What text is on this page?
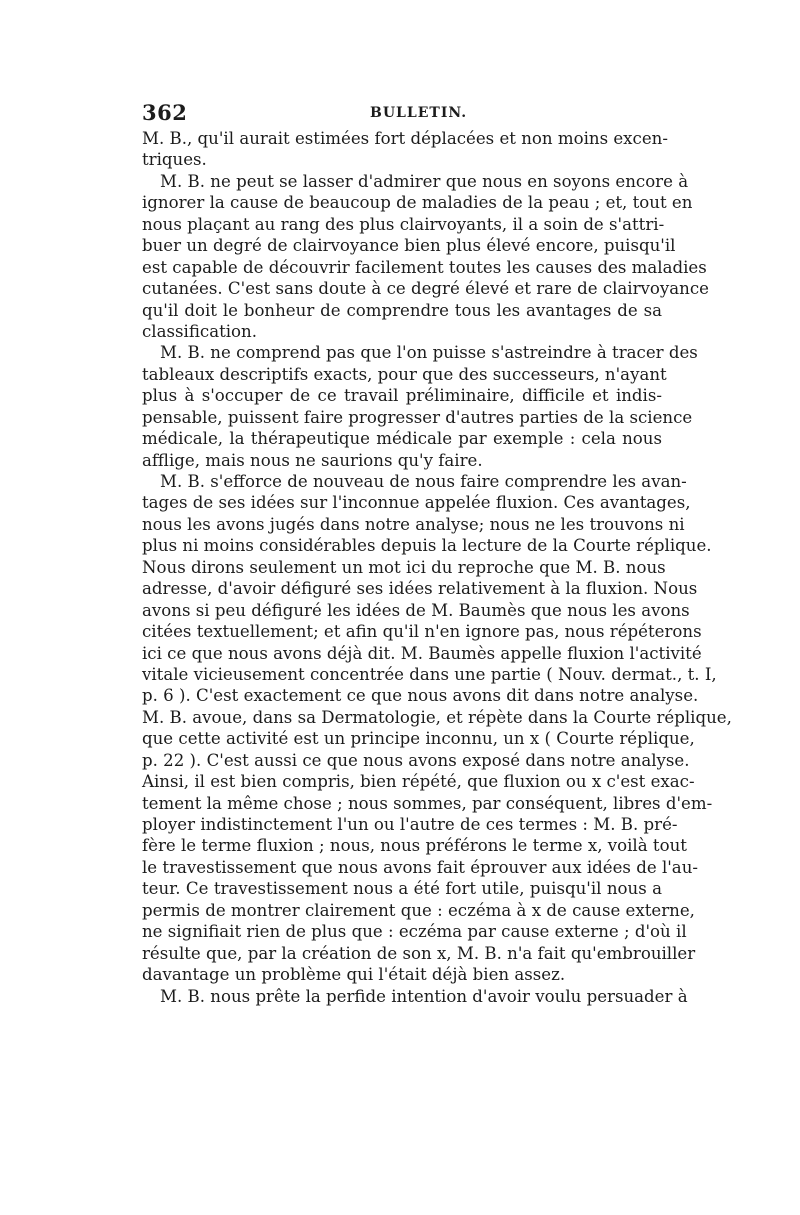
362	BULLETIN.
M. B., qu'il aurait estimées fort déplacées et non moins excen-
triques.
M. B. ne peut se lasser d'admirer que nous en soyons encore à
ignorer la cause de beaucoup de maladies de la peau ; et, tout en
nous plaçant au rang des plus clairvoyants, il a soin de s'attri-
buer un degré de clairvoyance bien plus élevé encore, puisqu'il
est capable de découvrir facilement toutes les causes des maladies
cutanées. C'est sans doute à ce degré élevé et rare de clairvoyance
qu'il doit le bonheur de comprendre tous les avantages de sa
classification.
M. B. ne comprend pas que l'on puisse s'astreindre à tracer des
tableaux descriptifs exacts, pour que des successeurs, n'ayant
plus à s'occuper de ce travail préliminaire, difficile et indis-
pensable, puissent faire progresser d'autres parties de la science
médicale, la thérapeutique médicale par exemple : cela nous
afflige, mais nous ne saurions qu'y faire.
M. B. s'efforce de nouveau de nous faire comprendre les avan-
tages de ses idées sur l'inconnue appelée fluxion. Ces avantages,
nous les avons jugés dans notre analyse; nous ne les trouvons ni
plus ni moins considérables depuis la lecture de la Courte réplique.
Nous dirons seulement un mot ici du reproche que M. B. nous
adresse, d'avoir défiguré ses idées relativement à la fluxion. Nous
avons si peu défiguré les idées de M. Baumès que nous les avons
citées textuellement; et afin qu'il n'en ignore pas, nous répéterons
ici ce que nous avons déjà dit. M. Baumès appelle fluxion l'activité
vitale vicieusement concentrée dans une partie ( Nouv. dermat., t. I,
p. 6 ). C'est exactement ce que nous avons dit dans notre analyse.
M. B. avoue, dans sa Dermatologie, et répète dans la Courte réplique,
que cette activité est un principe inconnu, un x ( Courte réplique,
p. 22 ). C'est aussi ce que nous avons exposé dans notre analyse.
Ainsi, il est bien compris, bien répété, que fluxion ou x c'est exac-
tement la même chose ; nous sommes, par conséquent, libres d'em-
ployer indistinctement l'un ou l'autre de ces termes : M. B. pré-
fère le terme fluxion ; nous, nous préférons le terme x, voilà tout
le travestissement que nous avons fait éprouver aux idées de l'au-
teur. Ce travestissement nous a été fort utile, puisqu'il nous a
permis de montrer clairement que : eczéma à x de cause externe,
ne signifiait rien de plus que : eczéma par cause externe ; d'où il
résulte que, par la création de son x, M. B. n'a fait qu'embrouiller
davantage un problème qui l'était déjà bien assez.
M. B. nous prête la perfide intention d'avoir voulu persuader à
